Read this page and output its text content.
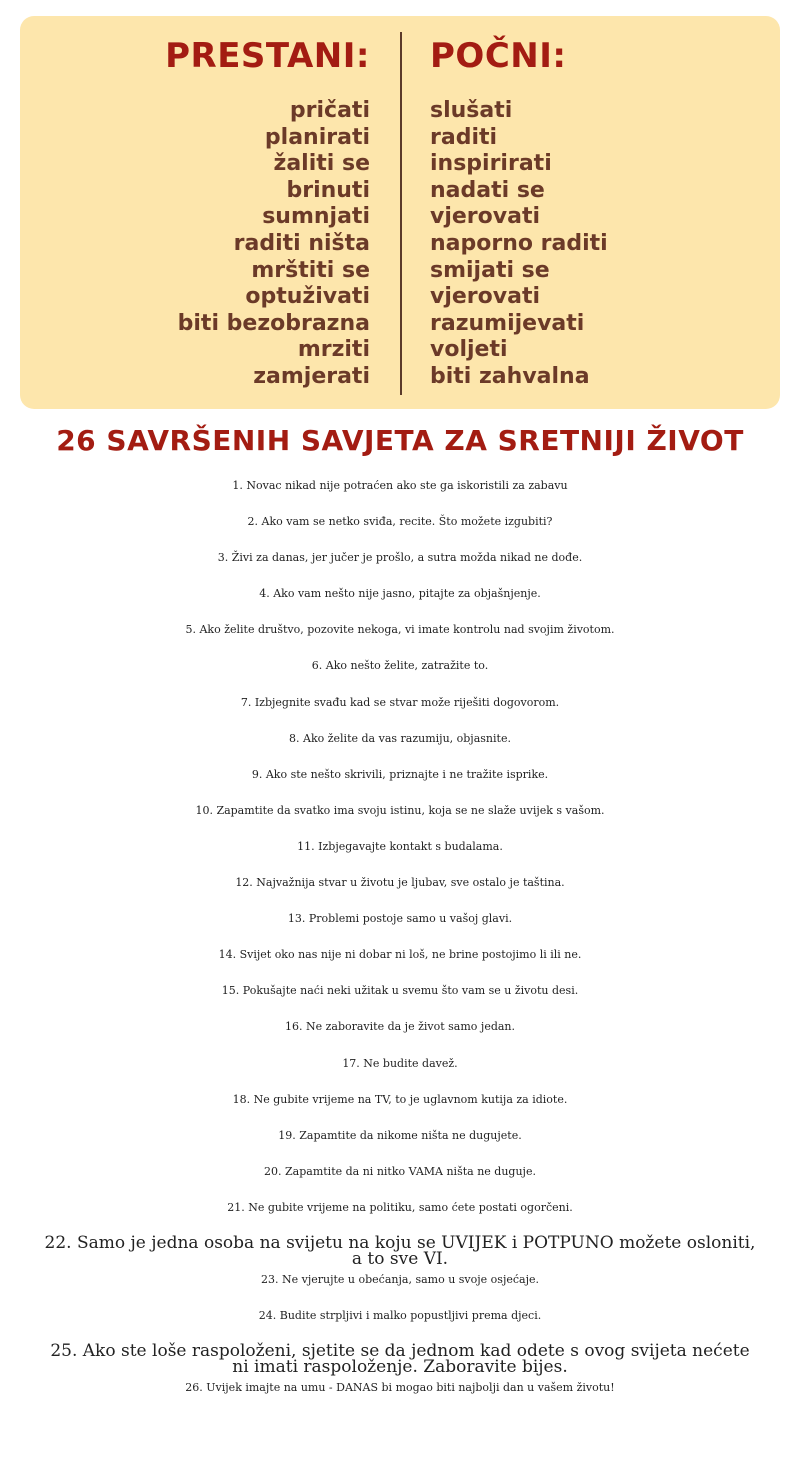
PRESTANI:
pričati
planirati
žaliti se
brinuti
sumnjati
raditi ništa
mrštiti se
optuživati
biti bezobrazna
mrziti
zamjerati
POČNI:
slušati
raditi
inspirirati
nadati se
vjerovati
naporno raditi
smijati se
vjerovati
razumijevati
voljeti
biti zahvalna
26 SAVRŠENIH SAVJETA ZA SRETNIJI ŽIVOT
1. Novac nikad nije potraćen ako ste ga iskoristili za zabavu
2. Ako vam se netko sviđa, recite. Što možete izgubiti?
3. Živi za danas, jer jučer je prošlo, a sutra možda nikad ne dođe.
4. Ako vam nešto nije jasno, pitajte za objašnjenje.
5. Ako želite društvo, pozovite nekoga, vi imate kontrolu nad svojim životom.
6. Ako nešto želite, zatražite to.
7. Izbjegnite svađu kad se stvar može riješiti dogovorom.
8. Ako želite da vas razumiju, objasnite.
9. Ako ste nešto skrivili, priznajte i ne tražite isprike.
10. Zapamtite da svatko ima svoju istinu, koja se ne slaže uvijek s vašom.
11. Izbjegavajte kontakt s budalama.
12. Najvažnija stvar u životu je ljubav, sve ostalo je taština.
13. Problemi postoje samo u vašoj glavi.
14. Svijet oko nas nije ni dobar ni loš, ne brine postojimo li ili ne.
15. Pokušajte naći neki užitak u svemu što vam se u životu desi.
16. Ne zaboravite da je život samo jedan.
17. Ne budite davež.
18. Ne gubite vrijeme na TV, to je uglavnom kutija za idiote.
19. Zapamtite da nikome ništa ne dugujete.
20. Zapamtite da ni nitko VAMA ništa ne duguje.
21. Ne gubite vrijeme na politiku, samo ćete postati ogorčeni.
22. Samo je jedna osoba na svijetu na koju se UVIJEK i POTPUNO možete osloniti, a to sve VI.
23. Ne vjerujte u obećanja, samo u svoje osjećaje.
24. Budite strpljivi i malko popustljivi prema djeci.
25. Ako ste loše raspoloženi, sjetite se da jednom kad odete s ovog svijeta nećete ni imati raspoloženje. Zaboravite bijes.
26. Uvijek imajte na umu - DANAS bi mogao biti najbolji dan u vašem životu!
